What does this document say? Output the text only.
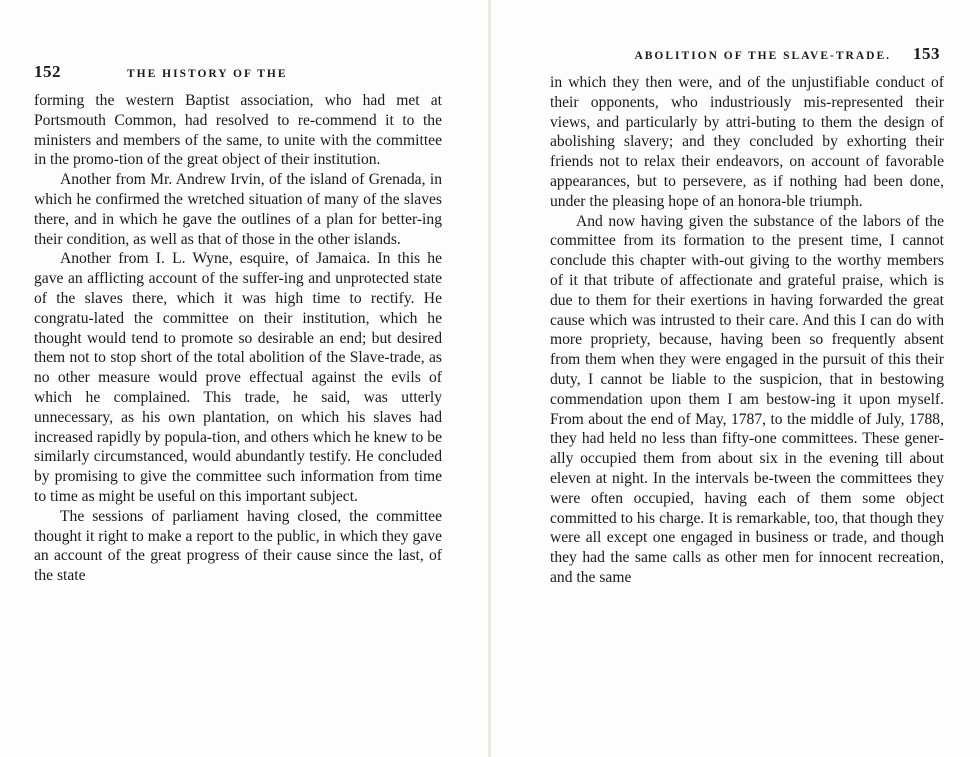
152	THE HISTORY OF THE

forming the western Baptist association, who had met at Portsmouth Common, had resolved to re-commend it to the ministers and members of the same, to unite with the committee in the promo-tion of the great object of their institution.

Another from Mr. Andrew Irvin, of the island of Grenada, in which he confirmed the wretched situation of many of the slaves there, and in which he gave the outlines of a plan for better-ing their condition, as well as that of those in the other islands.

Another from I. L. Wyne, esquire, of Jamaica. In this he gave an afflicting account of the suffer-ing and unprotected state of the slaves there, which it was high time to rectify. He congratu-lated the committee on their institution, which he thought would tend to promote so desirable an end; but desired them not to stop short of the total abolition of the Slave-trade, as no other measure would prove effectual against the evils of which he complained. This trade, he said, was utterly unnecessary, as his own plantation, on which his slaves had increased rapidly by popula-tion, and others which he knew to be similarly circumstanced, would abundantly testify. He concluded by promising to give the committee such information from time to time as might be useful on this important subject.

The sessions of parliament having closed, the committee thought it right to make a report to the public, in which they gave an account of the great progress of their cause since the last, of the state

ABOLITION OF THE SLAVE-TRADE. 153

in which they then were, and of the unjustifiable conduct of their opponents, who industriously mis-represented their views, and particularly by attri-buting to them the design of abolishing slavery; and they concluded by exhorting their friends not to relax their endeavors, on account of favorable appearances, but to persevere, as if nothing had been done, under the pleasing hope of an honora-ble triumph.

And now having given the substance of the labors of the committee from its formation to the present time, I cannot conclude this chapter with-out giving to the worthy members of it that tribute of affectionate and grateful praise, which is due to them for their exertions in having forwarded the great cause which was intrusted to their care. And this I can do with more propriety, because, having been so frequently absent from them when they were engaged in the pursuit of this their duty, I cannot be liable to the suspicion, that in bestowing commendation upon them I am bestow-ing it upon myself. From about the end of May, 1787, to the middle of July, 1788, they had held no less than fifty-one committees. These gener-ally occupied them from about six in the evening till about eleven at night. In the intervals be-tween the committees they were often occupied, having each of them some object committed to his charge. It is remarkable, too, that though they were all except one engaged in business or trade, and though they had the same calls as other men for innocent recreation, and the same
